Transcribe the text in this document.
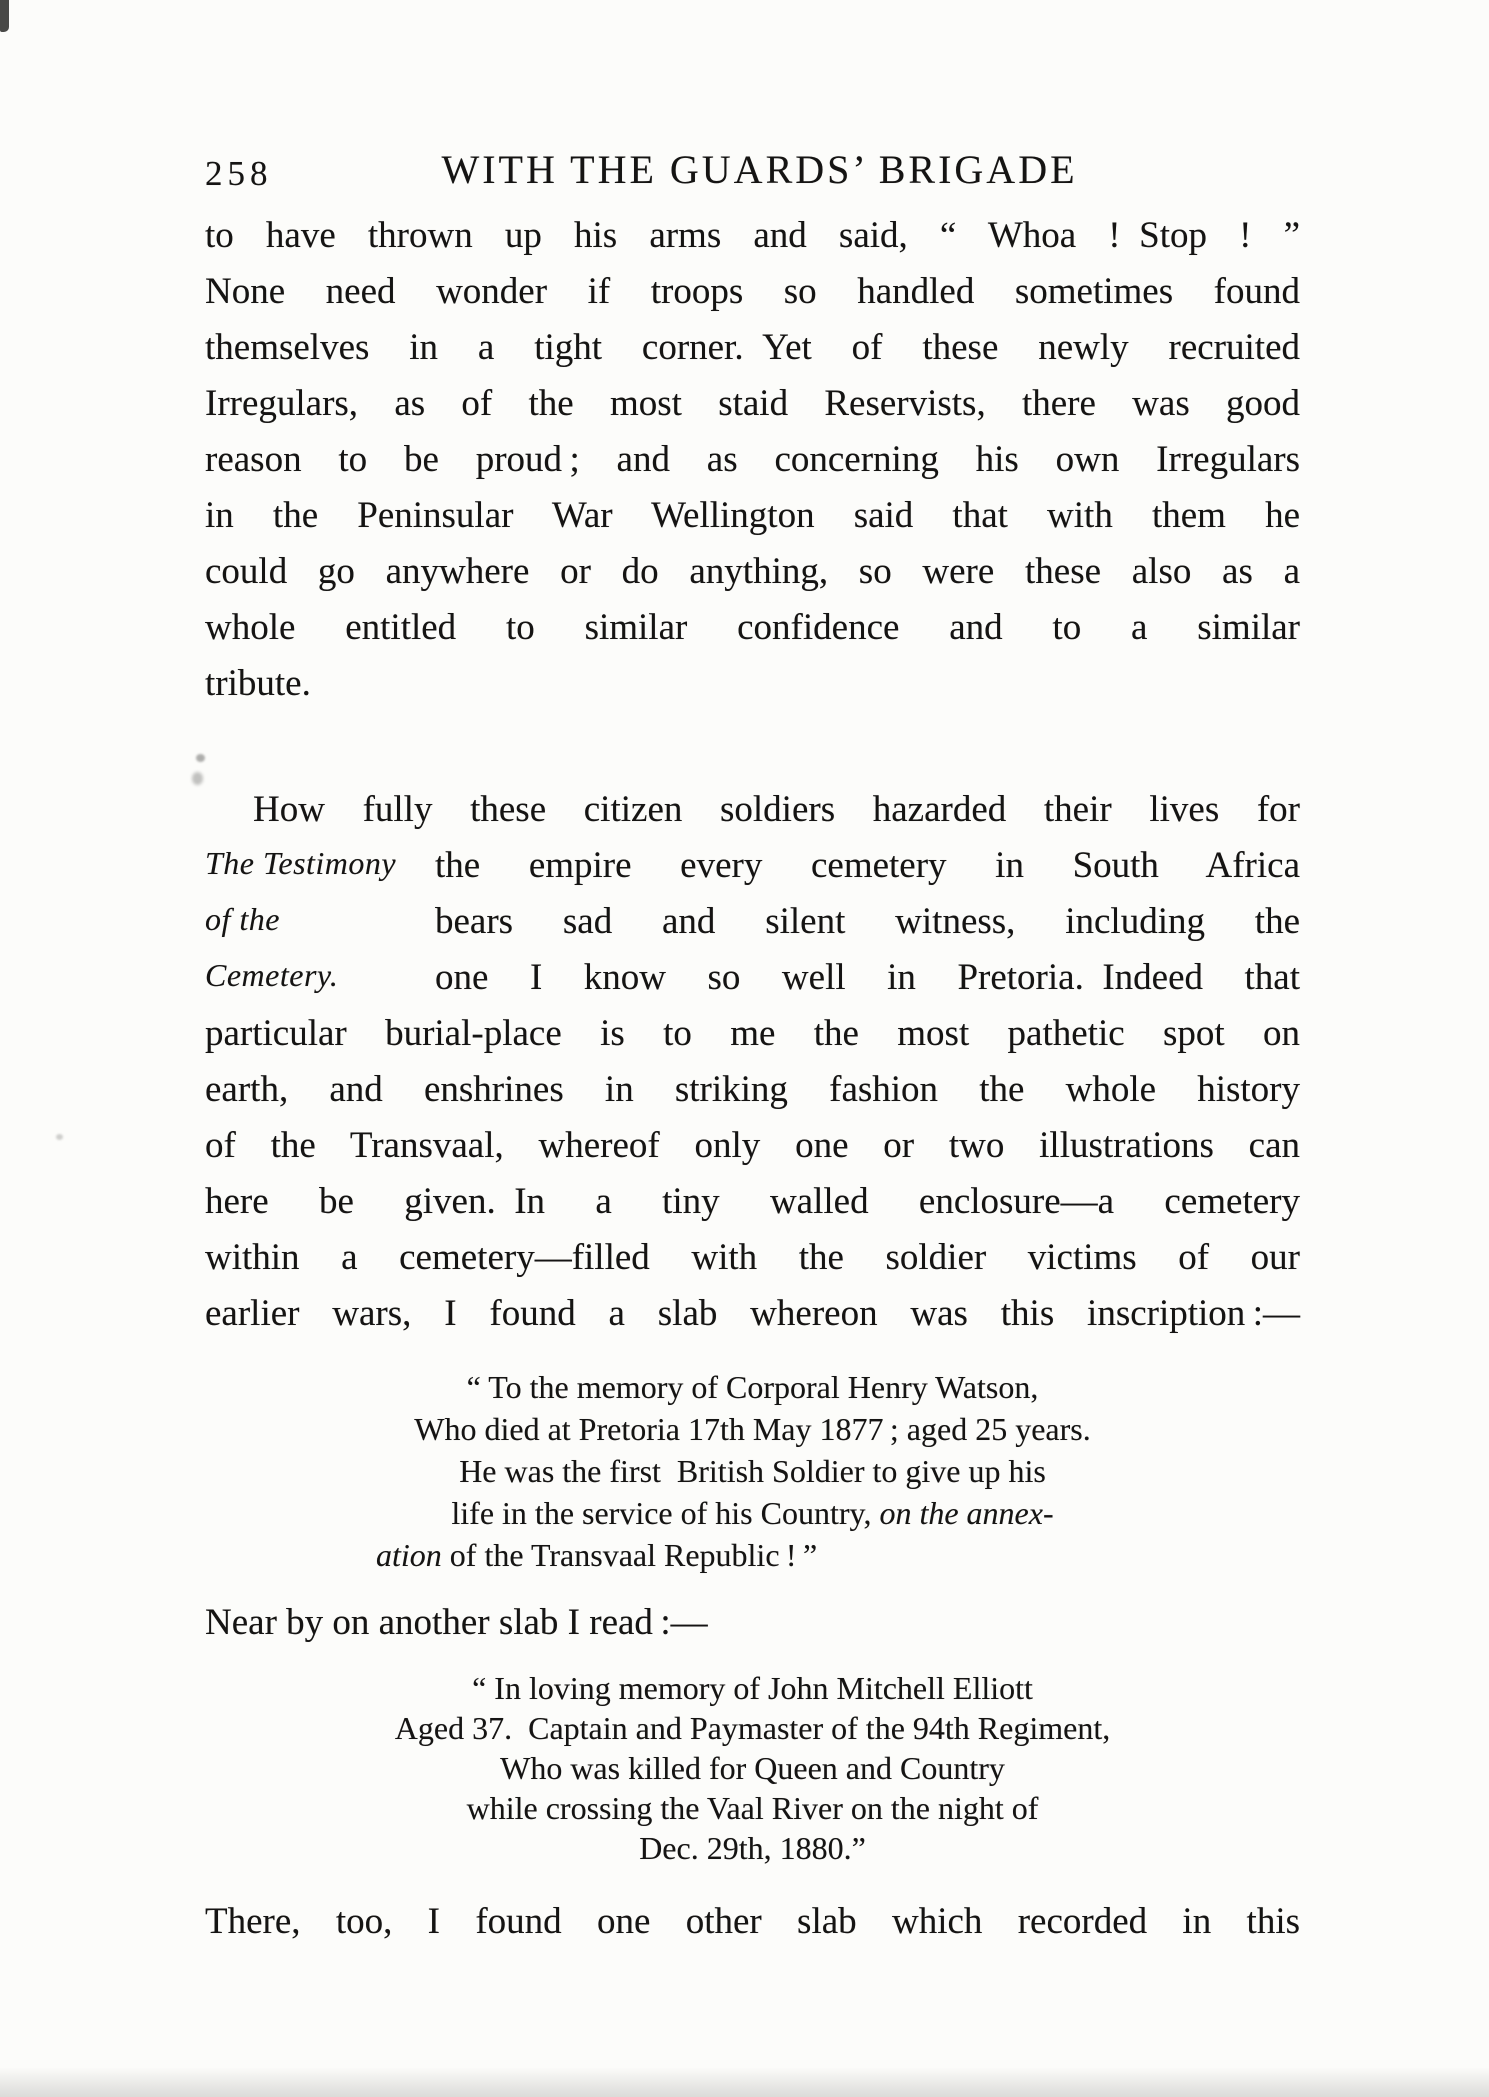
258	WITH THE GUARDS’ BRIGADE
to have thrown up his arms and said, “ Whoa ! Stop ! ”
None need wonder if troops so handled sometimes found
themselves in a tight corner. Yet of these newly recruited
Irregulars, as of the most staid Reservists, there was good
reason to be proud ; and as concerning his own Irregulars
in the Peninsular War Wellington said that with them he
could go anywhere or do anything, so were these also as a
whole entitled to similar confidence and to a similar
tribute.
How fully these citizen soldiers hazarded their lives for
The Testimony	the empire every cemetery in South Africa
of the	bears sad and silent witness, including the
Cemetery.	one I know so well in Pretoria. Indeed that
particular burial-place is to me the most pathetic spot on
earth, and enshrines in striking fashion the whole history
of the Transvaal, whereof only one or two illustrations can
here be given. In a tiny walled enclosure—a cemetery
within a cemetery—filled with the soldier victims of our
earlier wars, I found a slab whereon was this inscription :—
“ To the memory of Corporal Henry Watson,
Who died at Pretoria 17th May 1877 ; aged 25 years.
He was the first British Soldier to give up his
life in the service of his Country, on the annex-
ation of the Transvaal Republic ! ”
Near by on another slab I read :—
“ In loving memory of John Mitchell Elliott
Aged 37. Captain and Paymaster of the 94th Regiment,
Who was killed for Queen and Country
while crossing the Vaal River on the night of
Dec. 29th, 1880.”
There, too, I found one other slab which recorded in this
